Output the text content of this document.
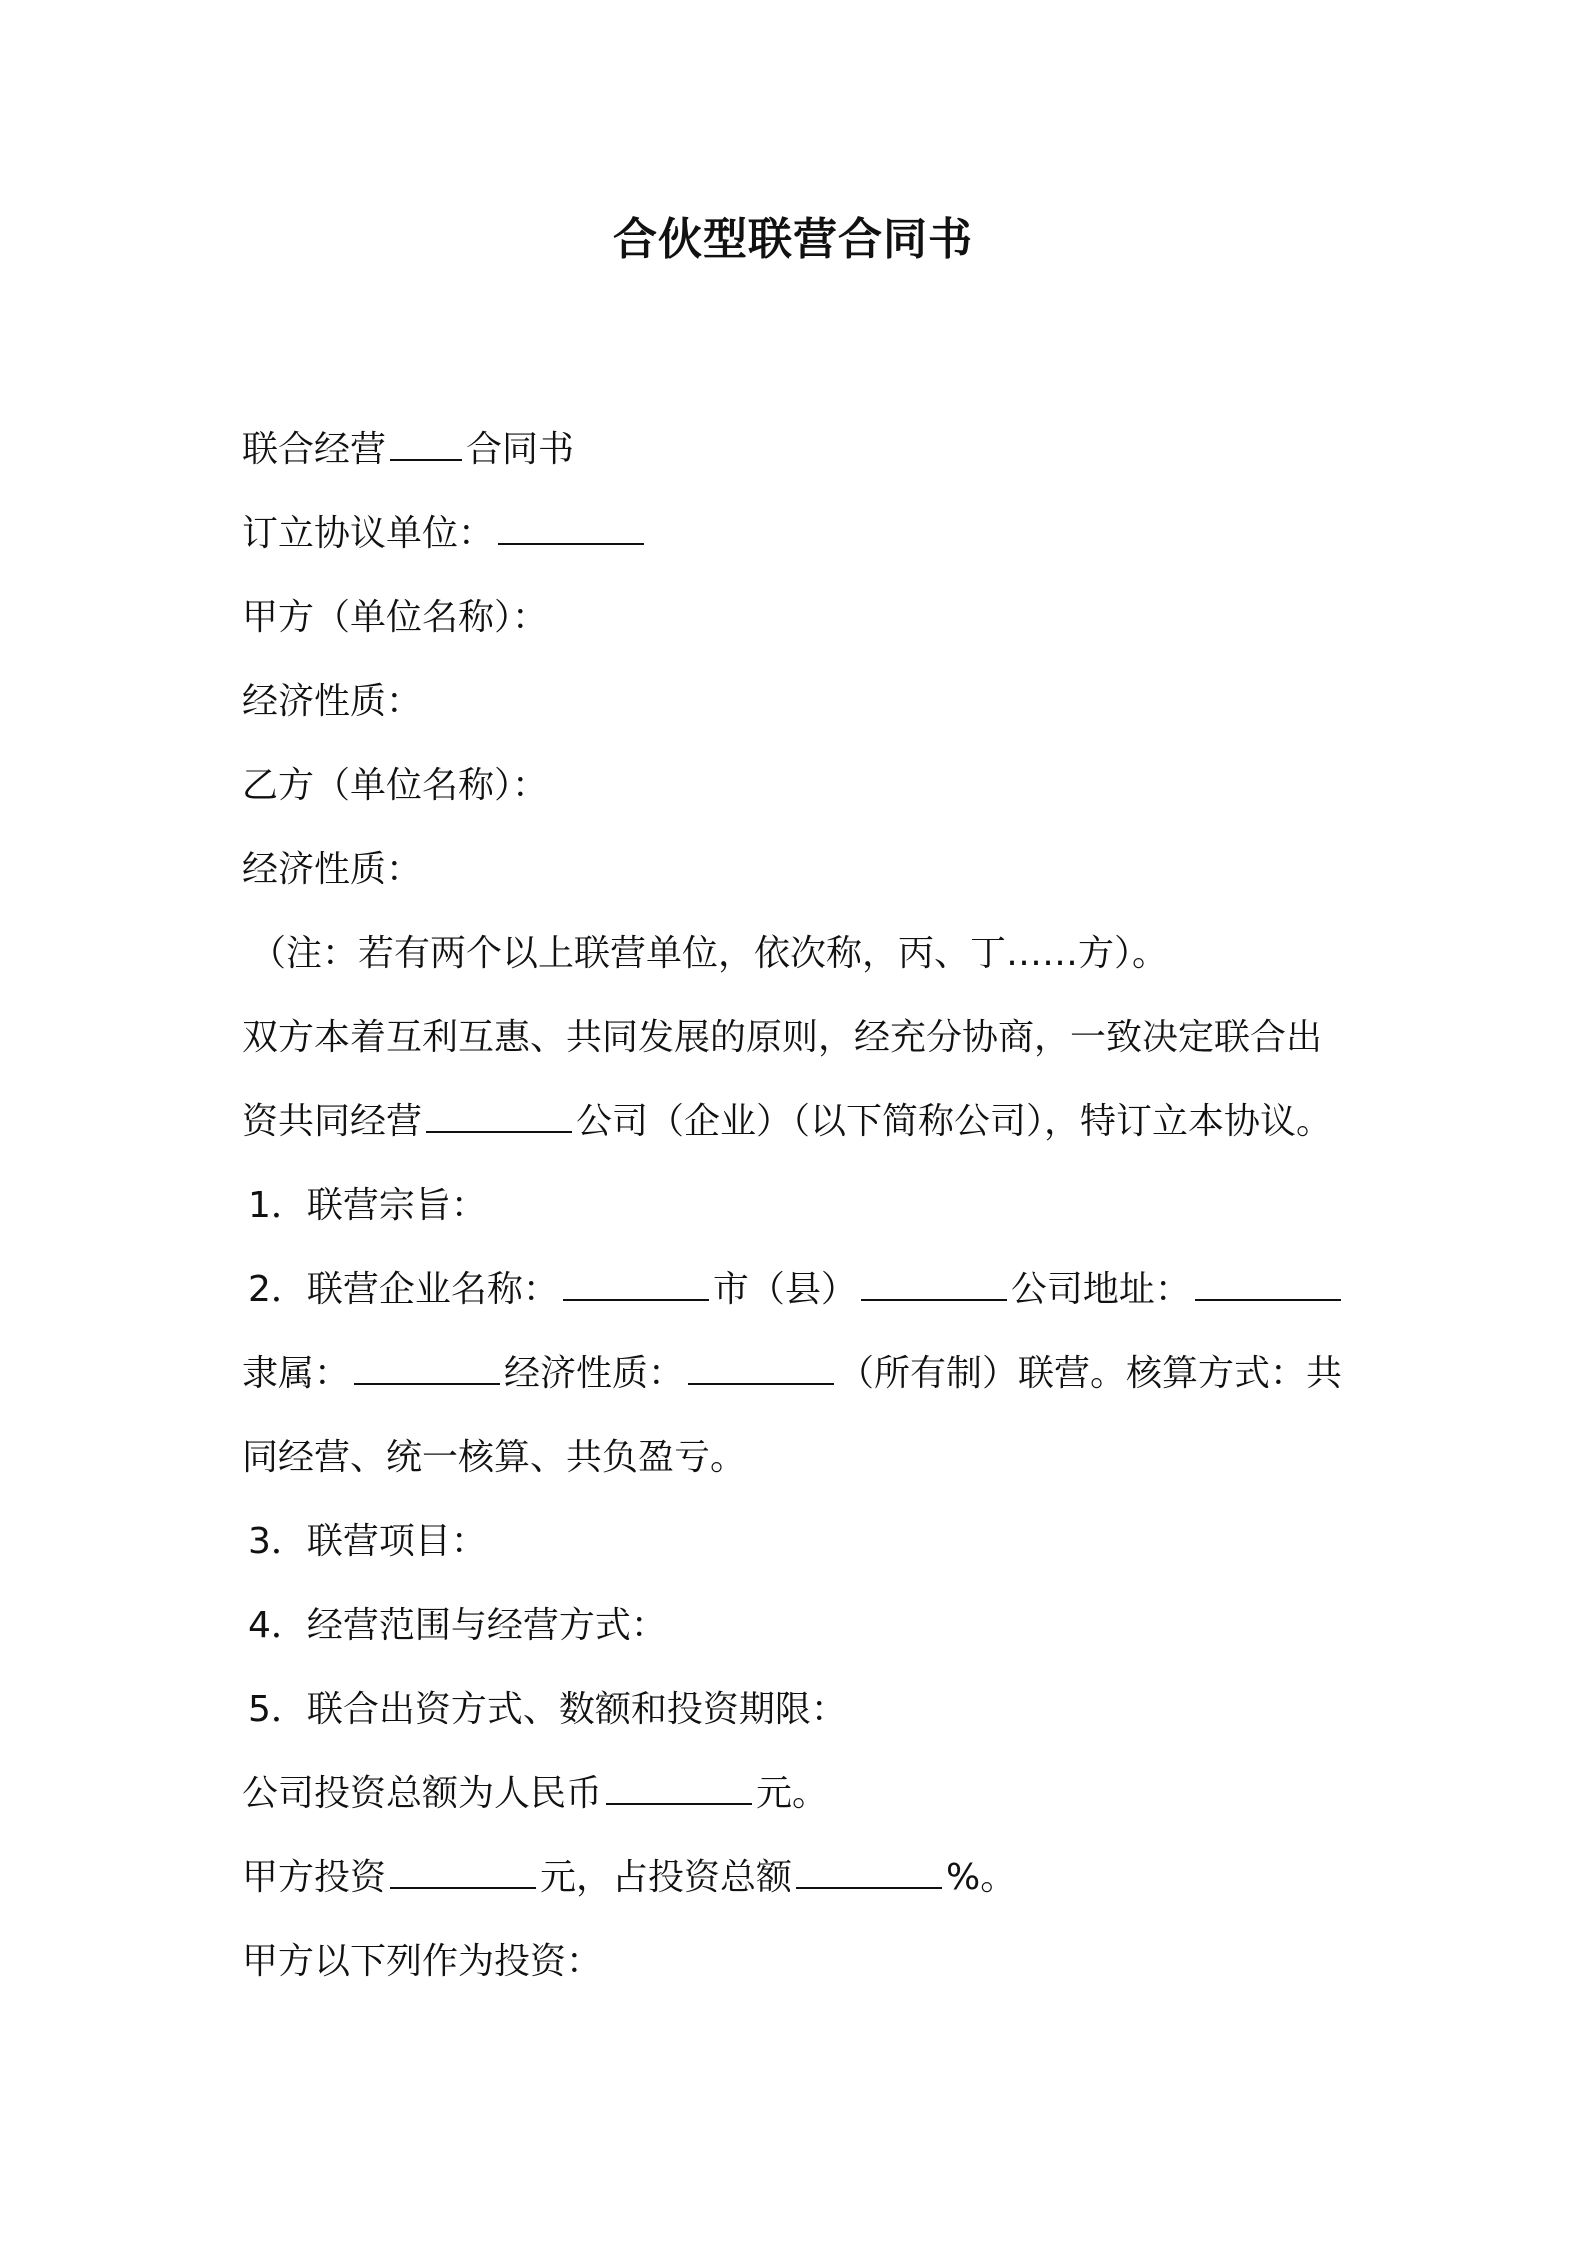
合伙型联营合同书
联合经营 合同书
订立协议单位：
甲方（单位名称）：
经济性质：
乙方（单位名称）：
经济性质：
（注：若有两个以上联营单位，依次称，丙、丁……方）。
双方本着互利互惠、共同发展的原则，经充分协商，一致决定联合出
资共同经营	公司（企业）（以下简称公司），特订立本协议。
1．联营宗旨：
2．联营企业名称：	市（县）	公司地址：
隶属：	经济性质：	（所有制）联营。核算方式：共
同经营、统一核算、共负盈亏。
3．联营项目：
4．经营范围与经营方式：
5．联合出资方式、数额和投资期限：
公司投资总额为人民币	元。
甲方投资	元，占投资总额	%。
甲方以下列作为投资：
